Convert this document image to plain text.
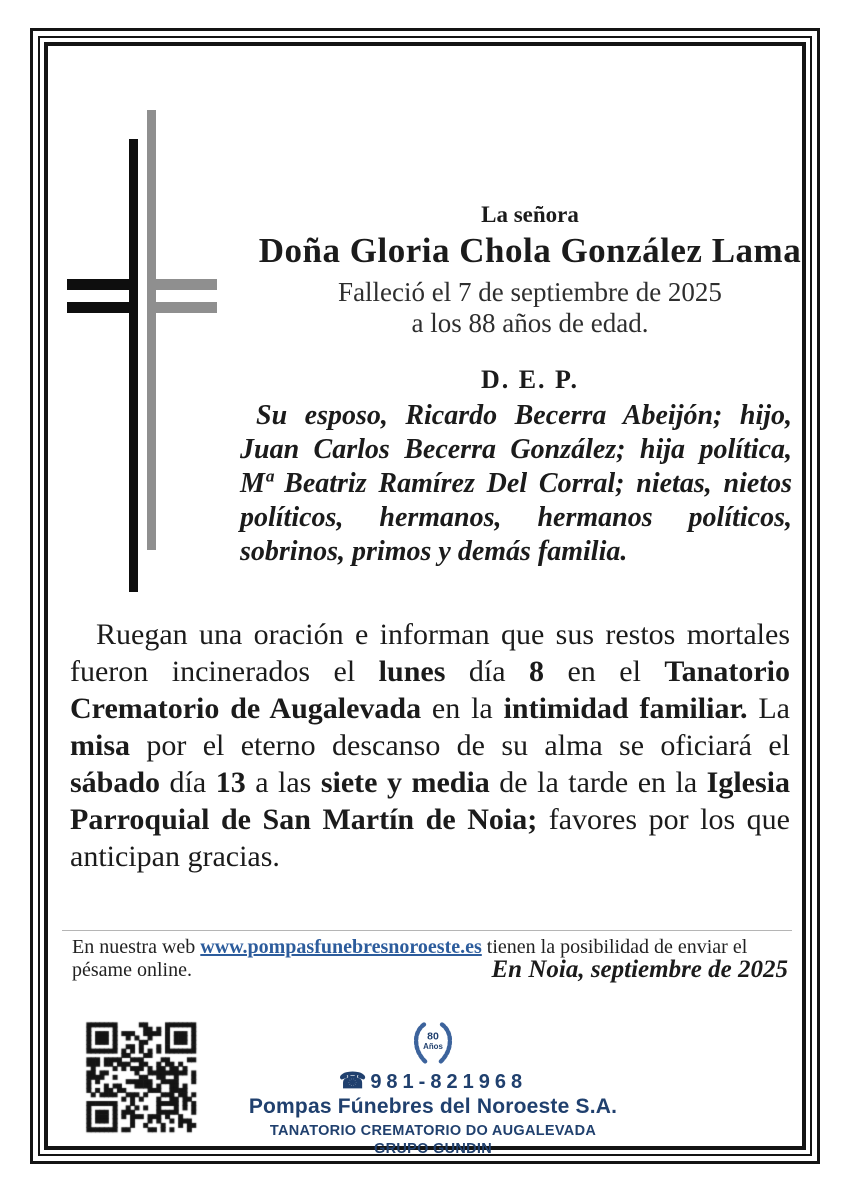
La señora
Doña Gloria Chola González Lama
Falleció el 7 de septiembre de 2025
a los 88 años de edad.
D. E. P.

Su esposo, Ricardo Becerra Abeijón; hijo, Juan Carlos Becerra González; hija política, Mª Beatriz Ramírez Del Corral; nietas, nietos políticos, hermanos, hermanos políticos, sobrinos, primos y demás familia.

Ruegan una oración e informan que sus restos mortales fueron incinerados el lunes día 8 en el Tanatorio Crematorio de Augalevada en la intimidad familiar. La misa por el eterno descanso de su alma se oficiará el sábado día 13 a las siete y media de la tarde en la Iglesia Parroquial de San Martín de Noia; favores por los que anticipan gracias.

En nuestra web www.pompasfunebresnoroeste.es tienen la posibilidad de enviar el pésame online.	En Noia, septiembre de 2025
80
Años
☎ 981-821968
Pompas Fúnebres del Noroeste S.A.
TANATORIO CREMATORIO DO AUGALEVADA
GRUPO GUNDIN
